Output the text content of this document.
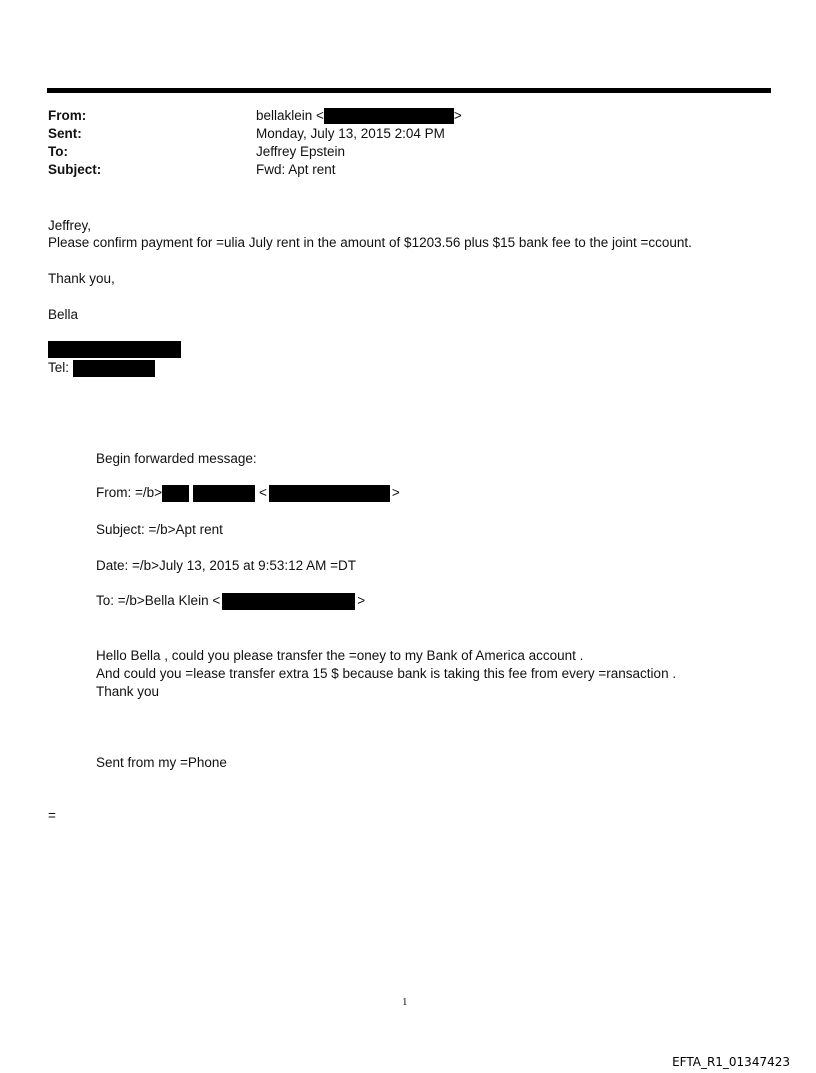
From:	bellaklein <	>
Sent:	Monday, July 13, 2015 2:04 PM
To:	Jeffrey Epstein
Subject:	Fwd: Apt rent
Jeffrey,
Please confirm payment for =ulia July rent in the amount of $1203.56 plus $15 bank fee to the joint =ccount.
Thank you,
Bella
Tel:
Begin forwarded message:
From: =/b>	<	>
Subject: =/b>Apt rent
Date: =/b>July 13, 2015 at 9:53:12 AM =DT
To: =/b>Bella Klein <	>
Hello Bella , could you please transfer the =oney to my Bank of America account .
And could you =lease transfer extra 15 $ because bank is taking this fee from every =ransaction .
Thank you
Sent from my =Phone
=
1
EFTA_R1_01347423
